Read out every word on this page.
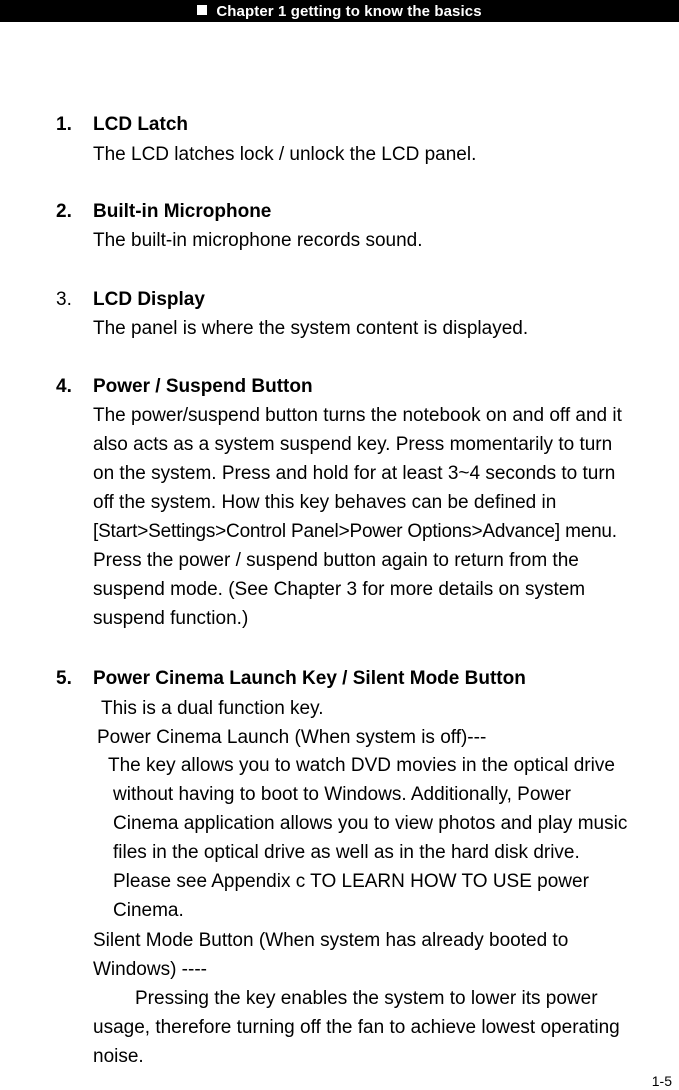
Chapter 1 getting to know the basics
1. LCD Latch
The LCD latches lock / unlock the LCD panel.
2. Built-in Microphone
The built-in microphone records sound.
3. LCD Display
The panel is where the system content is displayed.
4. Power / Suspend Button
The power/suspend button turns the notebook on and off and it
also acts as a system suspend key. Press momentarily to turn
on the system. Press and hold for at least 3~4 seconds to turn
off the system. How this key behaves can be defined in
[Start>Settings>Control Panel>Power Options>Advance] menu.
Press the power / suspend button again to return from the
suspend mode. (See Chapter 3 for more details on system
suspend function.)
5. Power Cinema Launch Key / Silent Mode Button
This is a dual function key.
Power Cinema Launch (When system is off)---
The key allows you to watch DVD movies in the optical drive
without having to boot to Windows. Additionally, Power
Cinema application allows you to view photos and play music
files in the optical drive as well as in the hard disk drive.
Please see Appendix c TO LEARN HOW TO USE power
Cinema.
Silent Mode Button (When system has already booted to
Windows) ----
Pressing the key enables the system to lower its power
usage, therefore turning off the fan to achieve lowest operating
noise.
1-5
